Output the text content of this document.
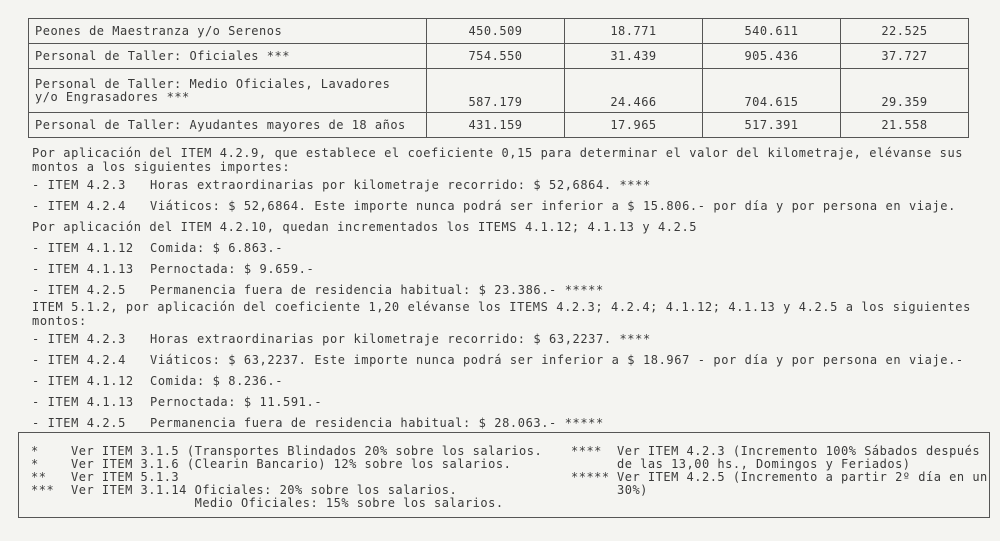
Peones de Maestranza y/o Serenos	450.509	18.771	540.611	22.525
Personal de Taller: Oficiales ***	754.550	31.439	905.436	37.727

Personal de Taller: Medio Oficiales, Lavadores y/o Engrasadores ***	587.179	24.466	704.615	29.359
Personal de Taller: Ayudantes mayores de 18 años	431.159	17.965	517.391	21.558

Por aplicación del ITEM 4.2.9, que establece el coeficiente 0,15 para determinar el valor del kilometraje, elévanse sus montos a los siguientes importes:

- ITEM 4.2.3	Horas extraordinarias por kilometraje recorrido: $ 52,6864. ****
- ITEM 4.2.4	Viáticos: $ 52,6864. Este importe nunca podrá ser inferior a $ 15.806.- por día y por persona en viaje.
Por aplicación del ITEM 4.2.10, quedan incrementados los ITEMS 4.1.12; 4.1.13 y 4.2.5
- ITEM 4.1.12	Comida: $ 6.863.-
- ITEM 4.1.13	Pernoctada: $ 9.659.-
- ITEM 4.2.5	Permanencia fuera de residencia habitual: $ 23.386.- *****

ITEM 5.1.2, por aplicación del coeficiente 1,20 elévanse los ITEMS 4.2.3; 4.2.4; 4.1.12; 4.1.13 y 4.2.5 a los siguientes montos:

- ITEM 4.2.3	Horas extraordinarias por kilometraje recorrido: $ 63,2237. ****
- ITEM 4.2.4	Viáticos: $ 63,2237. Este importe nunca podrá ser inferior a $ 18.967 - por día y por persona en viaje.-
- ITEM 4.1.12	Comida: $ 8.236.-
- ITEM 4.1.13	Pernoctada: $ 11.591.-
- ITEM 4.2.5	Permanencia fuera de residencia habitual: $ 28.063.- *****
*	Ver ITEM 3.1.5 (Transportes Blindados 20% sobre los salarios.
*	Ver ITEM 3.1.6 (Clearin Bancario) 12% sobre los salarios.
**	Ver ITEM 5.1.3
***	Ver ITEM 3.1.14 Oficiales: 20% sobre los salarios.
Medio Oficiales: 15% sobre los salarios.
****	Ver ITEM 4.2.3 (Incremento 100% Sábados después de las 13,00 hs., Domingos y Feriados)
***** Ver ITEM 4.2.5 (Incremento a partir 2º día en un 30%)
